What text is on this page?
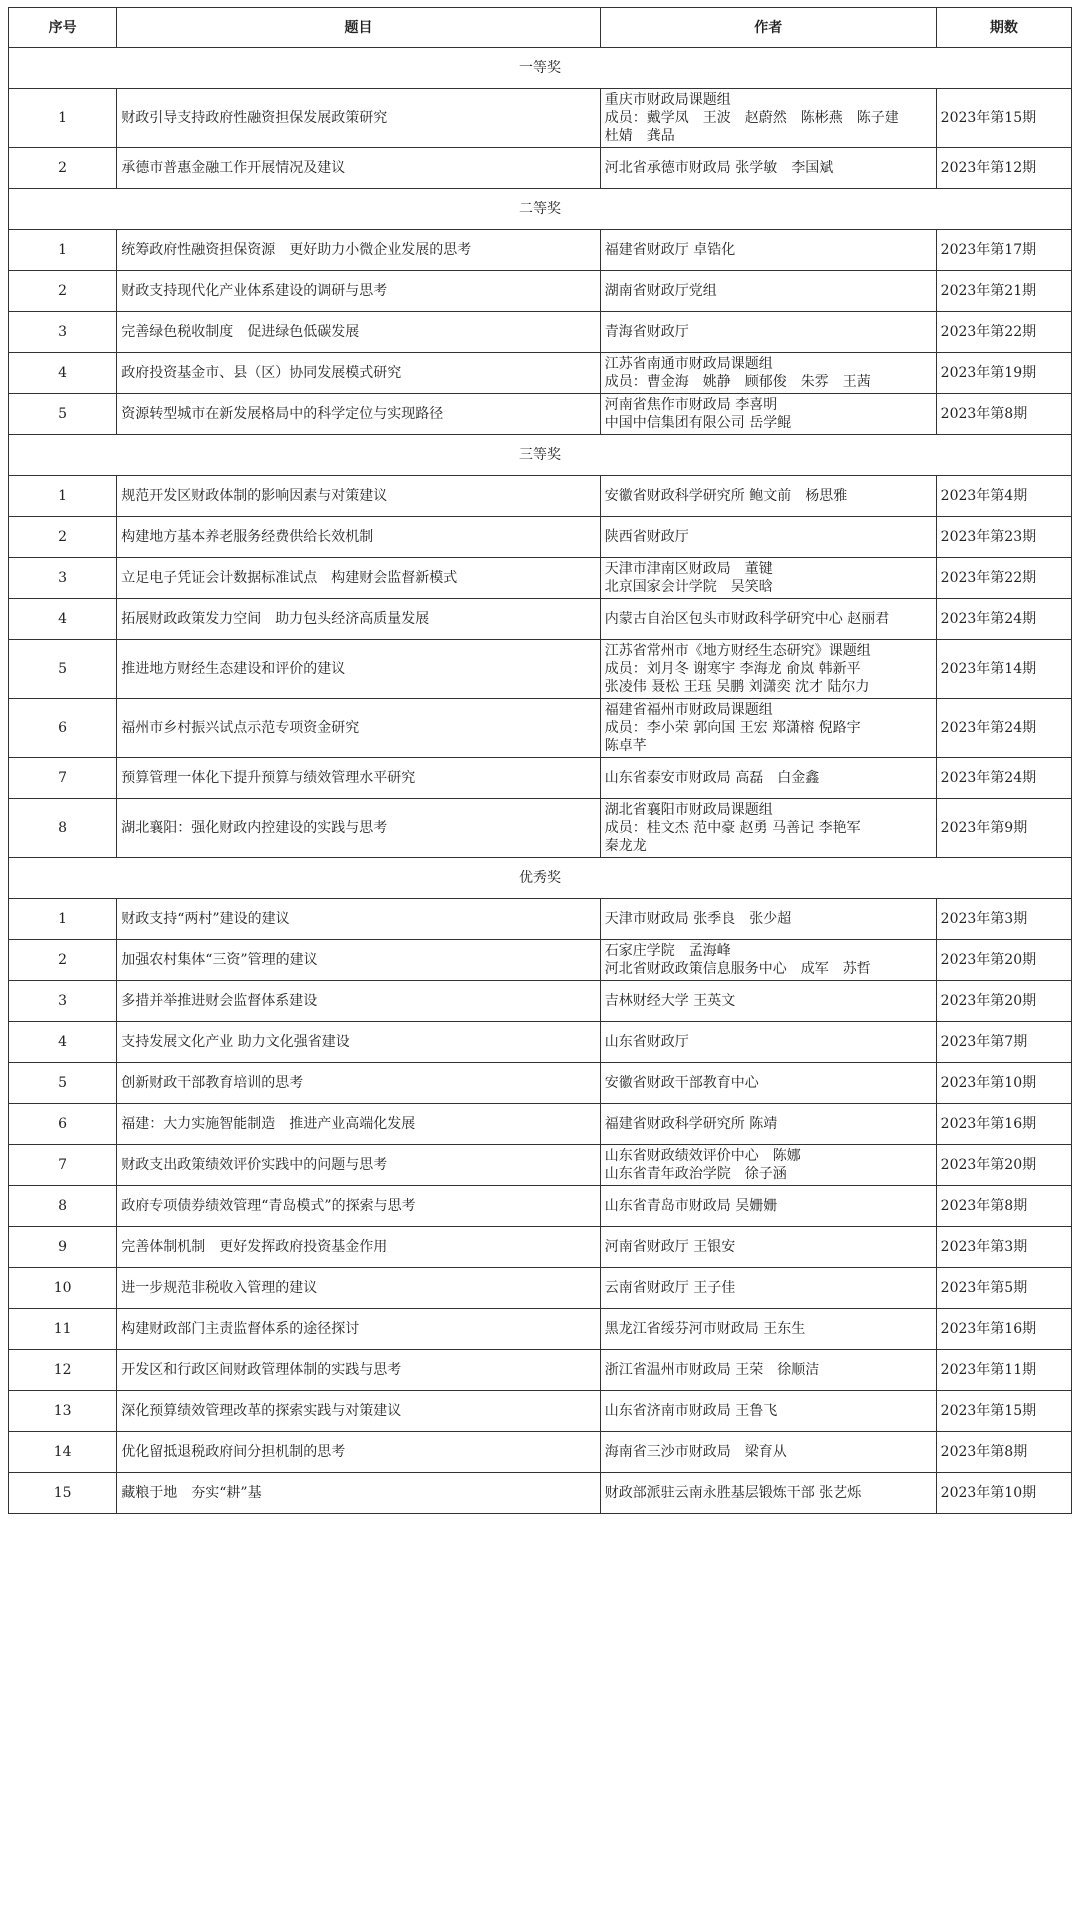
序号	题目	作者	期数
一等奖			
1	财政引导支持政府性融资担保发展政策研究	重庆市财政局课题组
成员：戴学凤　王波　赵蔚然　陈彬燕　陈子建
杜婧　龚品	2023年第15期
2	承德市普惠金融工作开展情况及建议	河北省承德市财政局 张学敏　李国斌	2023年第12期
二等奖			
1	统筹政府性融资担保资源　更好助力小微企业发展的思考	福建省财政厅 卓锆化	2023年第17期
2	财政支持现代化产业体系建设的调研与思考	湖南省财政厅党组	2023年第21期
3	完善绿色税收制度　促进绿色低碳发展	青海省财政厅	2023年第22期
4	政府投资基金市、县（区）协同发展模式研究	江苏省南通市财政局课题组
成员：曹金海　姚静　顾郁俊　朱雰　王茜	2023年第19期
5	资源转型城市在新发展格局中的科学定位与实现路径	河南省焦作市财政局 李喜明
中国中信集团有限公司 岳学鲲	2023年第8期
三等奖			
1	规范开发区财政体制的影响因素与对策建议	安徽省财政科学研究所 鲍文前　杨思雅	2023年第4期
2	构建地方基本养老服务经费供给长效机制	陕西省财政厅	2023年第23期
3	立足电子凭证会计数据标准试点　构建财会监督新模式	天津市津南区财政局　董键
北京国家会计学院　吴笑晗	2023年第22期
4	拓展财政政策发力空间　助力包头经济高质量发展	内蒙古自治区包头市财政科学研究中心 赵丽君	2023年第24期
5	推进地方财经生态建设和评价的建议	江苏省常州市《地方财经生态研究》课题组
成员：刘月冬 谢寒宇 李海龙 俞岚 韩新平
张凌伟 聂松 王珏 吴鹏 刘潇奕 沈才 陆尔力	2023年第14期
6	福州市乡村振兴试点示范专项资金研究	福建省福州市财政局课题组
成员：李小荣 郭向国 王宏 郑潇榕 倪路宇
陈卓芊	2023年第24期
7	预算管理一体化下提升预算与绩效管理水平研究	山东省泰安市财政局 高磊　白金鑫	2023年第24期
8	湖北襄阳：强化财政内控建设的实践与思考	湖北省襄阳市财政局课题组
成员：桂文杰 范中豪 赵勇 马善记 李艳军
秦龙龙	2023年第9期
优秀奖			
1	财政支持“两村”建设的建议	天津市财政局 张季良　张少超	2023年第3期
2	加强农村集体“三资”管理的建议	石家庄学院　孟海峰
河北省财政政策信息服务中心　成军　苏哲	2023年第20期
3	多措并举推进财会监督体系建设	吉林财经大学 王英文	2023年第20期
4	支持发展文化产业 助力文化强省建设	山东省财政厅	2023年第7期
5	创新财政干部教育培训的思考	安徽省财政干部教育中心	2023年第10期
6	福建：大力实施智能制造　推进产业高端化发展	福建省财政科学研究所 陈靖	2023年第16期
7	财政支出政策绩效评价实践中的问题与思考	山东省财政绩效评价中心　陈娜
山东省青年政治学院　徐子涵	2023年第20期
8	政府专项债券绩效管理“青岛模式”的探索与思考	山东省青岛市财政局 吴姗姗	2023年第8期
9	完善体制机制　更好发挥政府投资基金作用	河南省财政厅 王银安	2023年第3期
10	进一步规范非税收入管理的建议	云南省财政厅 王子佳	2023年第5期
11	构建财政部门主责监督体系的途径探讨	黑龙江省绥芬河市财政局 王东生	2023年第16期
12	开发区和行政区间财政管理体制的实践与思考	浙江省温州市财政局 王荣　徐顺洁	2023年第11期
13	深化预算绩效管理改革的探索实践与对策建议	山东省济南市财政局 王鲁飞	2023年第15期
14	优化留抵退税政府间分担机制的思考	海南省三沙市财政局　梁育从	2023年第8期
15	藏粮于地　夯实“耕”基	财政部派驻云南永胜基层锻炼干部 张艺烁	2023年第10期
